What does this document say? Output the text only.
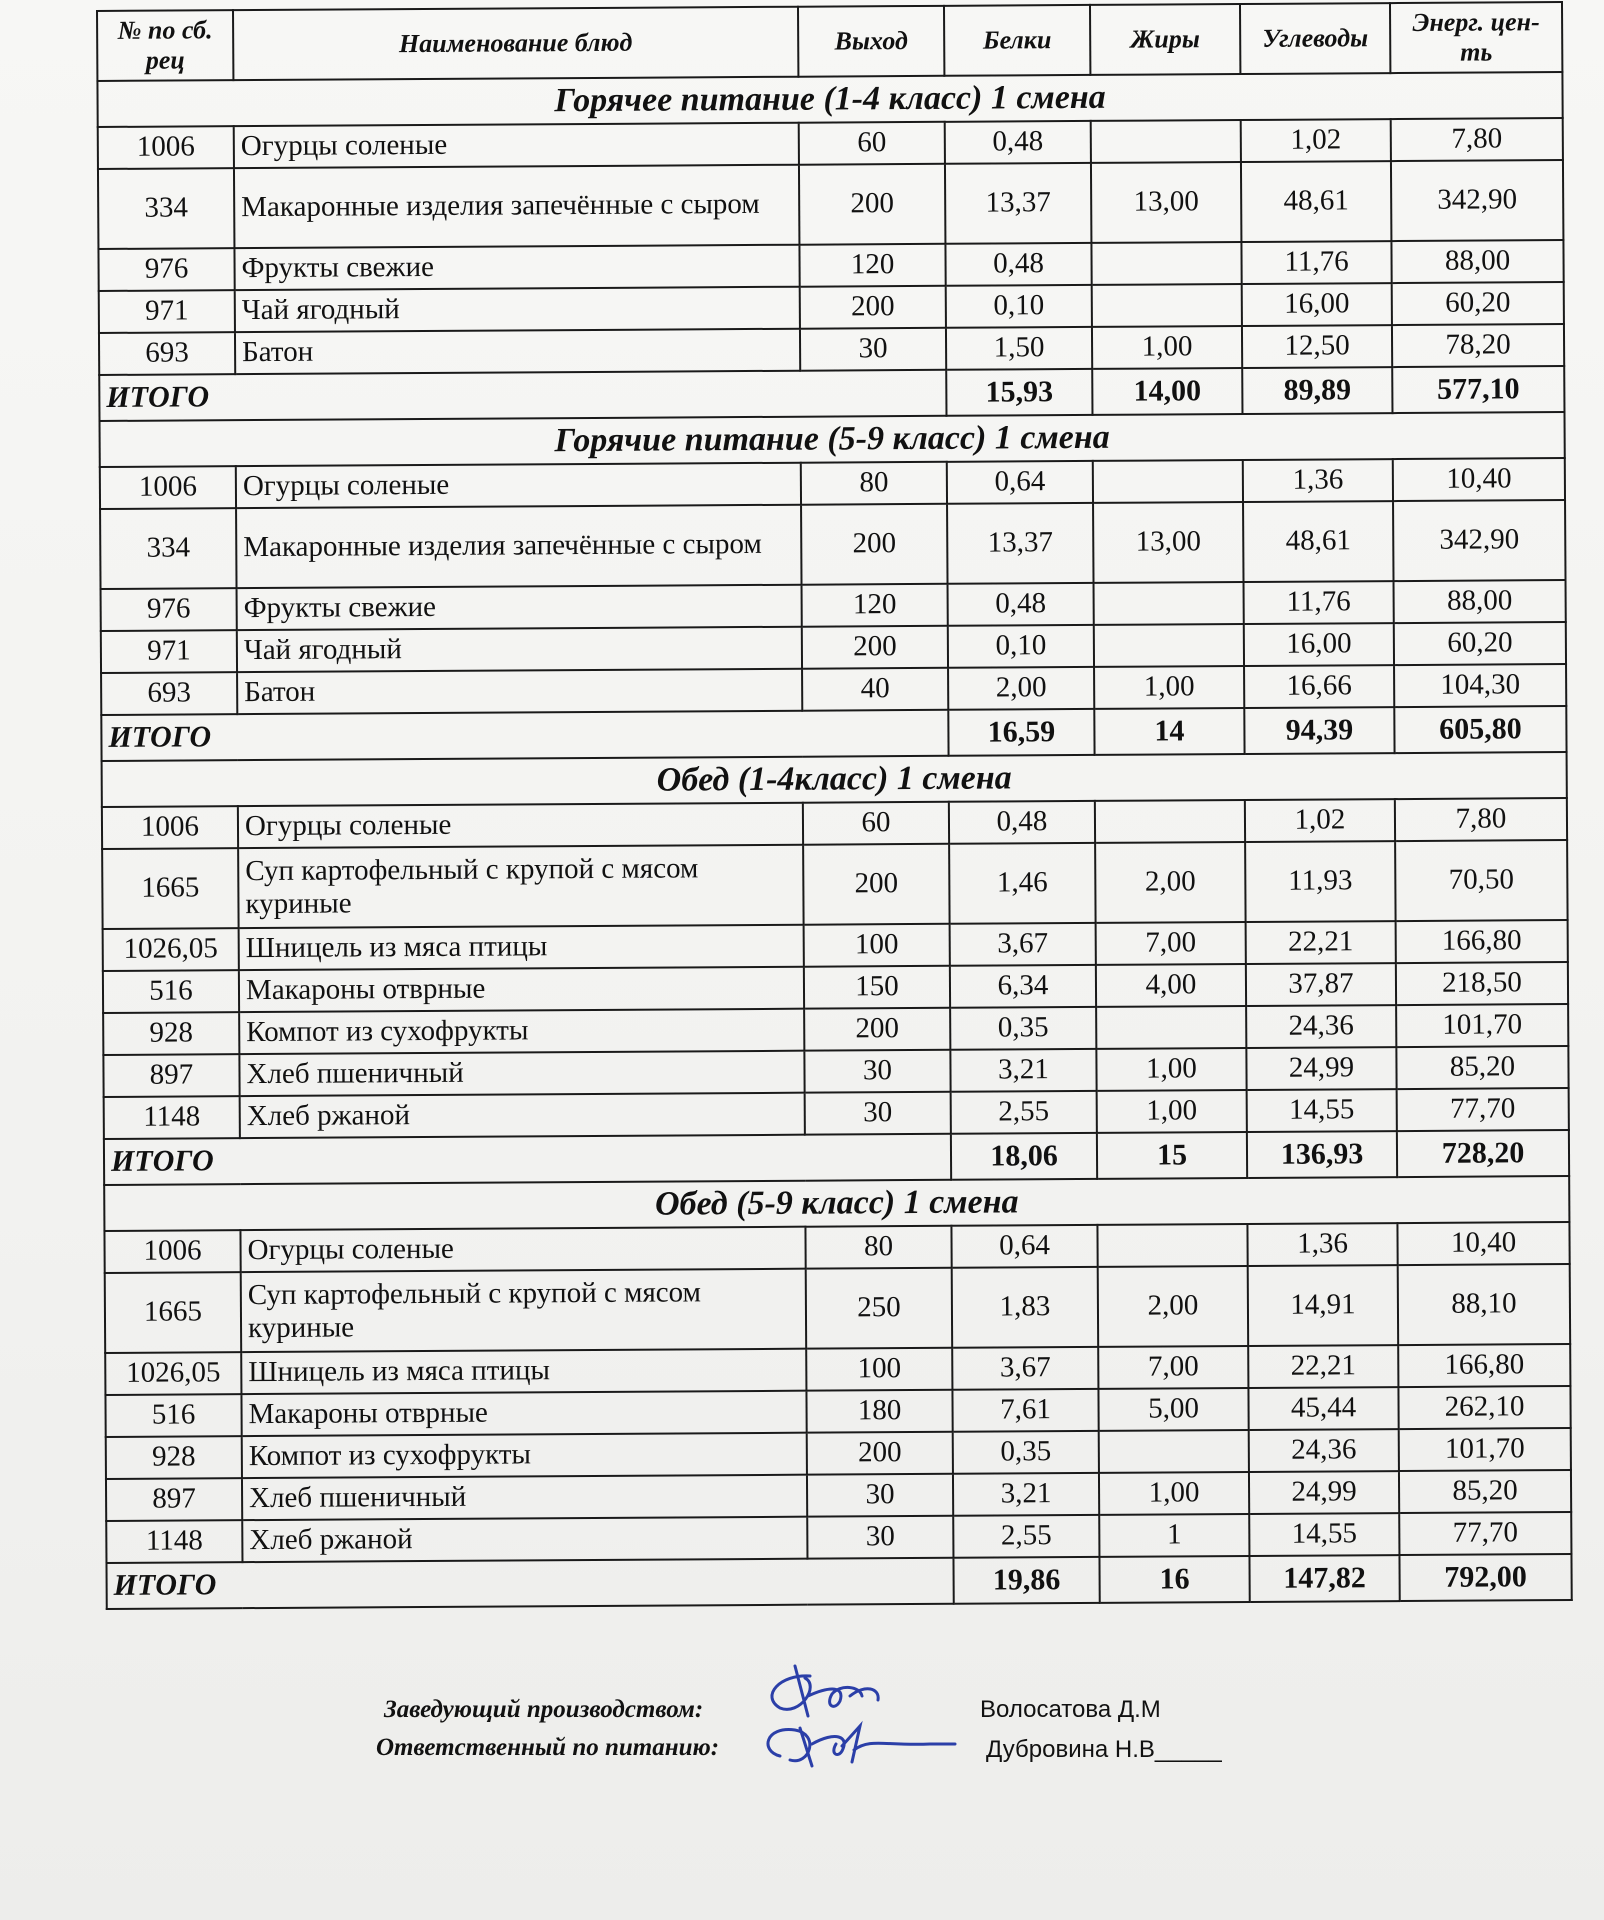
№ по сб. рец	Наименование блюд	Выход	Белки	Жиры	Углеводы	Энерг. цен-ть
Горячее питание (1-4 класс) 1 смена						
1006	Огурцы соленые	60	0,48		1,02	7,80
334	Макаронные изделия запечённые с сыром	200	13,37	13,00	48,61	342,90
976	Фрукты свежие	120	0,48		11,76	88,00
971	Чай ягодный	200	0,10		16,00	60,20
693	Батон	30	1,50	1,00	12,50	78,20
ИТОГО			15,93	14,00	89,89	577,10
Горячие питание (5-9 класс) 1 смена						
1006	Огурцы соленые	80	0,64		1,36	10,40
334	Макаронные изделия запечённые с сыром	200	13,37	13,00	48,61	342,90
976	Фрукты свежие	120	0,48		11,76	88,00
971	Чай ягодный	200	0,10		16,00	60,20
693	Батон	40	2,00	1,00	16,66	104,30
ИТОГО			16,59	14	94,39	605,80
Обед (1-4класс) 1 смена						
1006	Огурцы соленые	60	0,48		1,02	7,80
1665	Суп картофельный с крупой с мясом куриные	200	1,46	2,00	11,93	70,50
1026,05	Шницель из мяса птицы	100	3,67	7,00	22,21	166,80
516	Макароны отврные	150	6,34	4,00	37,87	218,50
928	Компот из сухофрукты	200	0,35		24,36	101,70
897	Хлеб пшеничный	30	3,21	1,00	24,99	85,20
1148	Хлеб ржаной	30	2,55	1,00	14,55	77,70
ИТОГО			18,06	15	136,93	728,20
Обед (5-9 класс) 1 смена						
1006	Огурцы соленые	80	0,64		1,36	10,40
1665	Суп картофельный с крупой с мясом куриные	250	1,83	2,00	14,91	88,10
1026,05	Шницель из мяса птицы	100	3,67	7,00	22,21	166,80
516	Макароны отврные	180	7,61	5,00	45,44	262,10
928	Компот из сухофрукты	200	0,35		24,36	101,70
897	Хлеб пшеничный	30	3,21	1,00	24,99	85,20
1148	Хлеб ржаной	30	2,55	1	14,55	77,70
ИТОГО			19,86	16	147,82	792,00
Заведующий производством:	Волосатова Д.М
Ответственный по питанию:	Дубровина Н.В_____
